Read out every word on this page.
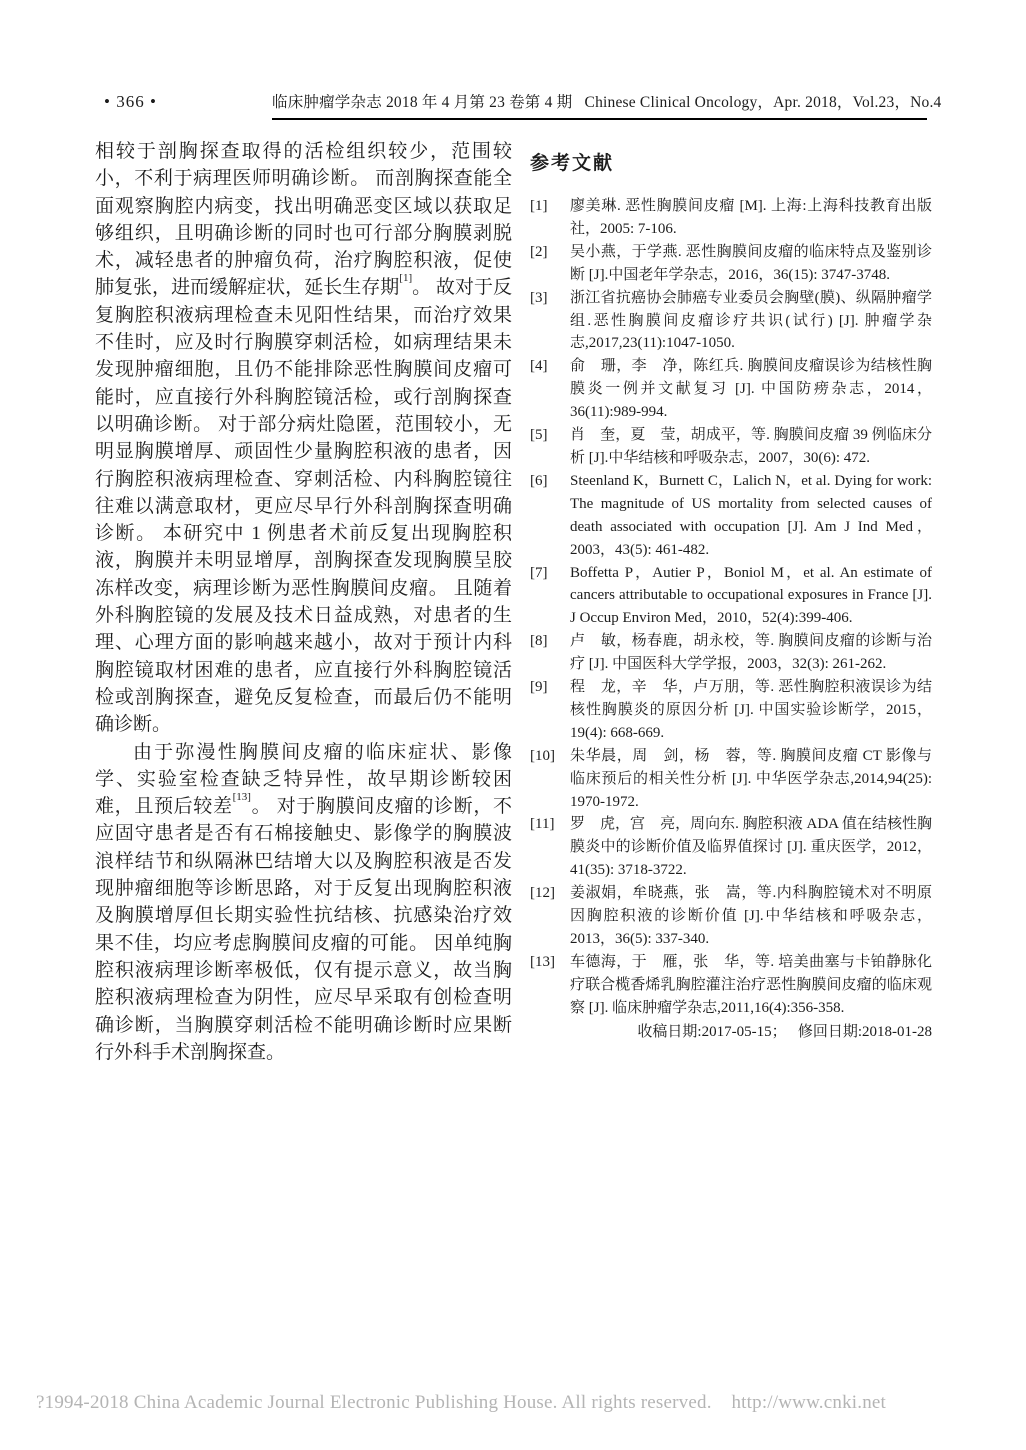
• 366 •	临床肿瘤学杂志 2018 年 4 月第 23 卷第 4 期   Chinese Clinical Oncology，Apr. 2018，Vol.23，No.4

相较于剖胸探查取得的活检组织较少，范围较小，不利于病理医师明确诊断。 而剖胸探查能全面观察胸腔内病变，找出明确恶变区域以获取足够组织，且明确诊断的同时也可行部分胸膜剥脱术，减轻患者的肿瘤负荷，治疗胸腔积液，促使肺复张，进而缓解症状，延长生存期[1]。 故对于反复胸腔积液病理检查未见阳性结果，而治疗效果不佳时，应及时行胸膜穿刺活检，如病理结果未发现肿瘤细胞，且仍不能排除恶性胸膜间皮瘤可能时，应直接行外科胸腔镜活检，或行剖胸探查以明确诊断。 对于部分病灶隐匿，范围较小，无明显胸膜增厚、顽固性少量胸腔积液的患者，因行胸腔积液病理检查、穿刺活检、内科胸腔镜往往难以满意取材，更应尽早行外科剖胸探查明确诊断。 本研究中 1 例患者术前反复出现胸腔积液，胸膜并未明显增厚，剖胸探查发现胸膜呈胶冻样改变，病理诊断为恶性胸膜间皮瘤。 且随着外科胸腔镜的发展及技术日益成熟，对患者的生理、心理方面的影响越来越小，故对于预计内科胸腔镜取材困难的患者，应直接行外科胸腔镜活检或剖胸探查，避免反复检查，而最后仍不能明确诊断。

由于弥漫性胸膜间皮瘤的临床症状、影像学、实验室检查缺乏特异性，故早期诊断较困难，且预后较差[13]。 对于胸膜间皮瘤的诊断，不应固守患者是否有石棉接触史、影像学的胸膜波浪样结节和纵隔淋巴结增大以及胸腔积液是否发现肿瘤细胞等诊断思路，对于反复出现胸腔积液及胸膜增厚但长期实验性抗结核、抗感染治疗效果不佳，均应考虑胸膜间皮瘤的可能。 因单纯胸腔积液病理诊断率极低，仅有提示意义，故当胸腔积液病理检查为阴性，应尽早采取有创检查明确诊断，当胸膜穿刺活检不能明确诊断时应果断行外科手术剖胸探查。

参考文献
[1]	廖美琳. 恶性胸膜间皮瘤 [M]. 上海:上海科技教育出版社，2005: 7-106.
[2]	吴小燕，于学燕. 恶性胸膜间皮瘤的临床特点及鉴别诊断 [J].中国老年学杂志，2016，36(15): 3747-3748.
[3]	浙江省抗癌协会肺癌专业委员会胸壁(膜)、纵隔肿瘤学组.恶性胸膜间皮瘤诊疗共识(试行) [J]. 肿瘤学杂志,2017,23(11):1047-1050.
[4]	俞　珊，李　净，陈红兵. 胸膜间皮瘤误诊为结核性胸膜炎一例并文献复习 [J]. 中国防痨杂志，2014，36(11):989-994.
[5]	肖　奎，夏　莹，胡成平，等. 胸膜间皮瘤 39 例临床分析 [J].中华结核和呼吸杂志，2007，30(6): 472.
[6]	Steenland K，Burnett C，Lalich N，et al. Dying for work: The magnitude of US mortality from selected causes of death associated with occupation [J]. Am J Ind Med，2003，43(5): 461-482.
[7]	Boffetta P，Autier P，Boniol M，et al. An estimate of cancers attributable to occupational exposures in France [J]. J Occup Environ Med，2010，52(4):399-406.
[8]	卢　敏，杨春鹿，胡永校，等. 胸膜间皮瘤的诊断与治疗 [J]. 中国医科大学学报，2003，32(3): 261-262.
[9]	程　龙，辛　华，卢万朋，等. 恶性胸腔积液误诊为结核性胸膜炎的原因分析 [J]. 中国实验诊断学，2015，19(4): 668-669.
[10]	朱华晨，周　剑，杨　蓉，等. 胸膜间皮瘤 CT 影像与临床预后的相关性分析 [J]. 中华医学杂志,2014,94(25): 1970-1972.
[11]	罗　虎，宫　亮，周向东. 胸腔积液 ADA 值在结核性胸膜炎中的诊断价值及临界值探讨 [J]. 重庆医学，2012，41(35): 3718-3722.
[12]	姜淑娟，牟晓燕，张　嵩，等.内科胸腔镜术对不明原因胸腔积液的诊断价值 [J].中华结核和呼吸杂志，2013，36(5): 337-340.
[13]	车德海，于　雁，张　华，等. 培美曲塞与卡铂静脉化疗联合榄香烯乳胸腔灌注治疗恶性胸膜间皮瘤的临床观察 [J]. 临床肿瘤学杂志,2011,16(4):356-358.
收稿日期:2017-05-15；   修回日期:2018-01-28
?1994-2018 China Academic Journal Electronic Publishing House. All rights reserved.    http://www.cnki.net
